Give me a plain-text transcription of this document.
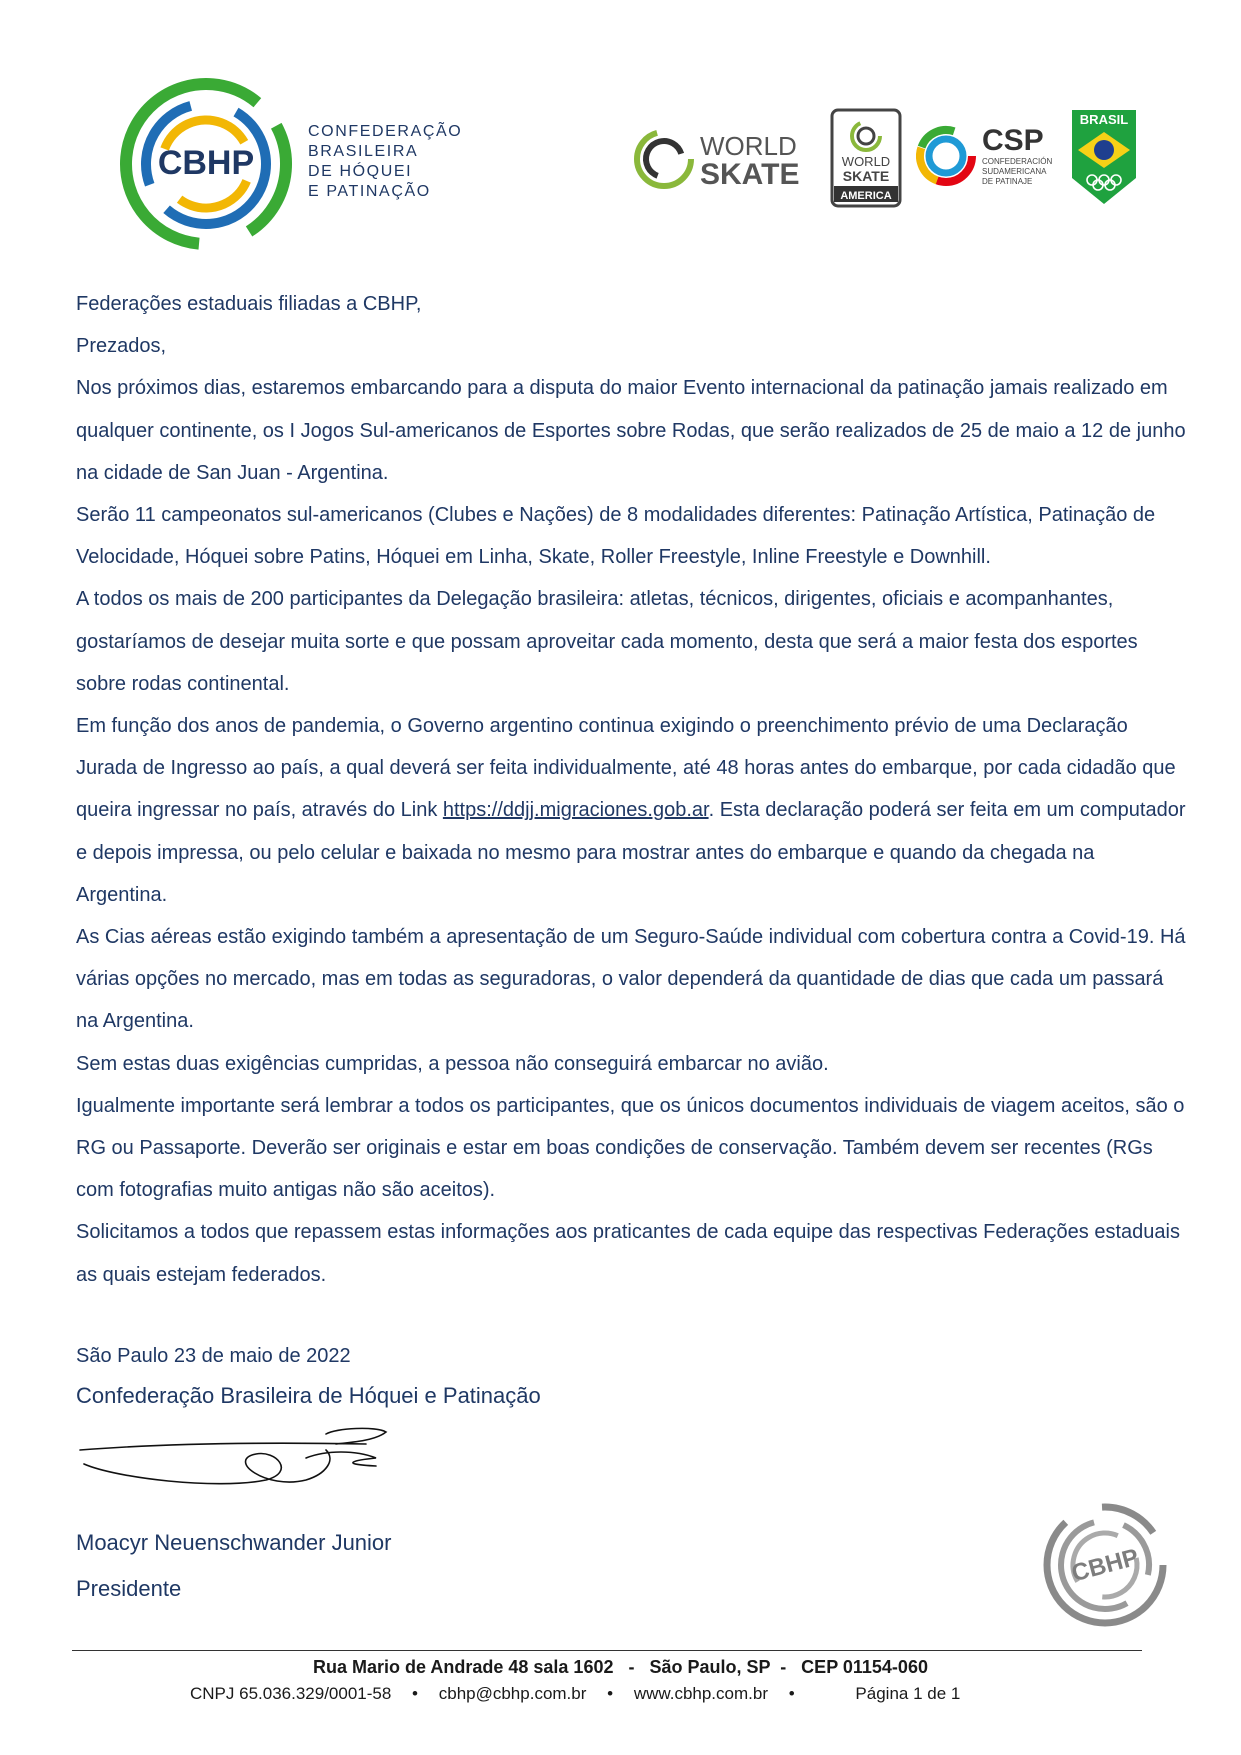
CBHP
CONFEDERAÇÃO
BRASILEIRA
DE HÓQUEI
E PATINAÇÃO
WORLD
SKATE	WORLD
SKATE
AMERICA
CSP
CONFEDERACIÓN
SUDAMERICANA
DE PATINAJE
BRASIL

Federações estaduais filiadas a CBHP,

Prezados,

Nos próximos dias, estaremos embarcando para a disputa do maior Evento internacional da patinação jamais realizado em qualquer continente, os I Jogos Sul-americanos de Esportes sobre Rodas, que serão realizados de 25 de maio a 12 de junho na cidade de San Juan - Argentina.

Serão 11 campeonatos sul-americanos (Clubes e Nações) de 8 modalidades diferentes: Patinação Artística, Patinação de Velocidade, Hóquei sobre Patins, Hóquei em Linha, Skate, Roller Freestyle, Inline Freestyle e Downhill.

A todos os mais de 200 participantes da Delegação brasileira: atletas, técnicos, dirigentes, oficiais e acompanhantes, gostaríamos de desejar muita sorte e que possam aproveitar cada momento, desta que será a maior festa dos esportes sobre rodas continental.

Em função dos anos de pandemia, o Governo argentino continua exigindo o preenchimento prévio de uma Declaração Jurada de Ingresso ao país, a qual deverá ser feita individualmente, até 48 horas antes do embarque, por cada cidadão que queira ingressar no país, através do Link https://ddjj.migraciones.gob.ar. Esta declaração poderá ser feita em um computador e depois impressa, ou pelo celular e baixada no mesmo para mostrar antes do embarque e quando da chegada na Argentina.

As Cias aéreas estão exigindo também a apresentação de um Seguro-Saúde individual com cobertura contra a Covid-19. Há várias opções no mercado, mas em todas as seguradoras, o valor dependerá da quantidade de dias que cada um passará na Argentina.

Sem estas duas exigências cumpridas, a pessoa não conseguirá embarcar no avião.

Igualmente importante será lembrar a todos os participantes, que os únicos documentos individuais de viagem aceitos, são o RG ou Passaporte. Deverão ser originais e estar em boas condições de conservação. Também devem ser recentes (RGs com fotografias muito antigas não são aceitos).

Solicitamos a todos que repassem estas informações aos praticantes de cada equipe das respectivas Federações estaduais as quais estejam federados.

São Paulo 23 de maio de 2022
Confederação Brasileira de Hóquei e Patinação
Moacyr Neuenschwander Junior
Presidente
CBHP
Rua Mario de Andrade 48 sala 1602   -   São Paulo, SP  -   CEP 01154-060
CNPJ 65.036.329/0001-58 • cbhp@cbhp.com.br • www.cbhp.com.br •	Página 1 de 1
